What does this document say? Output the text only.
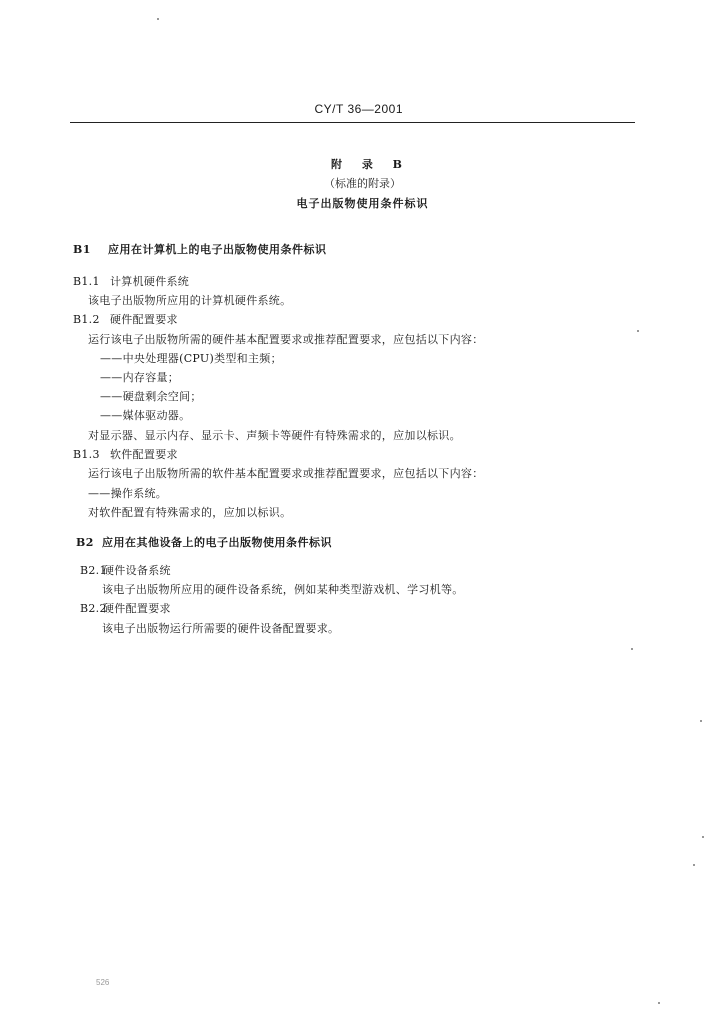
CY/T 36—2001
附 录 B
（标准的附录）
电子出版物使用条件标识
B1 应用在计算机上的电子出版物使用条件标识
B1.1 计算机硬件系统
该电子出版物所应用的计算机硬件系统。
B1.2 硬件配置要求
运行该电子出版物所需的硬件基本配置要求或推荐配置要求，应包括以下内容：
——中央处理器(CPU)类型和主频；
——内存容量；
——硬盘剩余空间；
——媒体驱动器。
对显示器、显示内存、显示卡、声频卡等硬件有特殊需求的，应加以标识。
B1.3 软件配置要求
运行该电子出版物所需的软件基本配置要求或推荐配置要求，应包括以下内容：
——操作系统。
对软件配置有特殊需求的，应加以标识。
B2 应用在其他设备上的电子出版物使用条件标识
B2.1硬件设备系统
该电子出版物所应用的硬件设备系统，例如某种类型游戏机、学习机等。
B2.2硬件配置要求
该电子出版物运行所需要的硬件设备配置要求。
526
